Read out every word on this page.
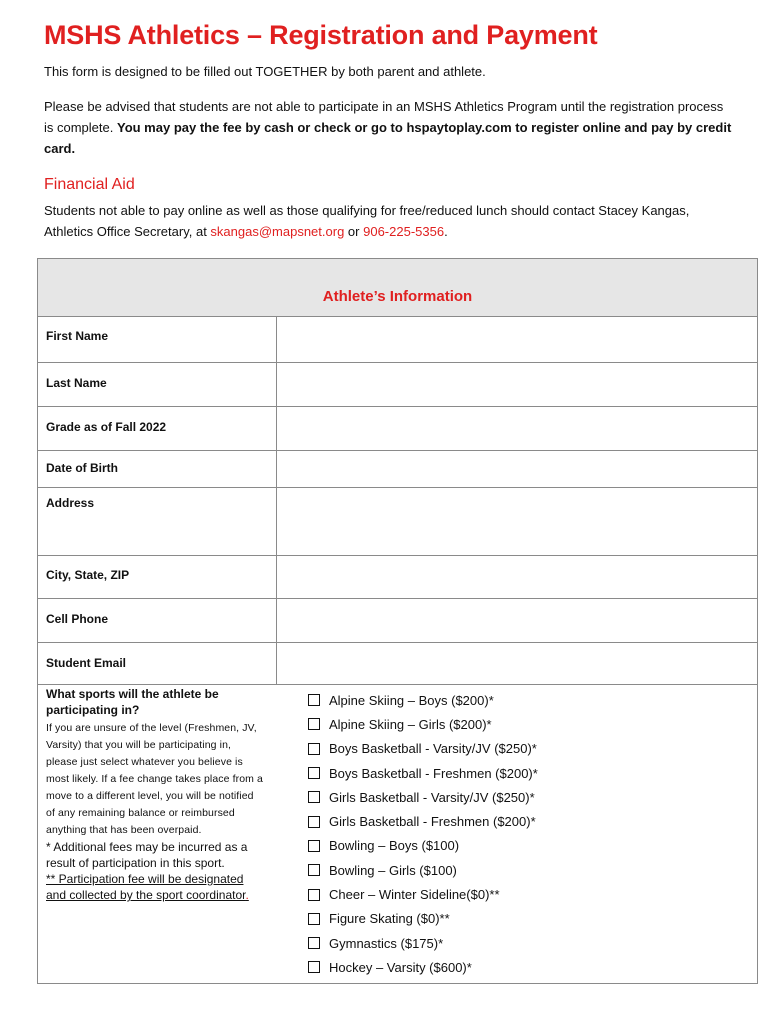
MSHS Athletics – Registration and Payment

This form is designed to be filled out TOGETHER by both parent and athlete.

Please be advised that students are not able to participate in an MSHS Athletics Program until the registration process is complete. You may pay the fee by cash or check or go to hspaytoplay.com to register online and pay by credit card.

Financial Aid

Students not able to pay online as well as those qualifying for free/reduced lunch should contact Stacey Kangas, Athletics Office Secretary, at skangas@mapsnet.org or 906-225-5356.

Athlete’s Information
First Name
Last Name
Grade as of Fall 2022
Date of Birth
Address
City, State, ZIP
Cell Phone
Student Email

What sports will the athlete be participating in?

If you are unsure of the level (Freshmen, JV, Varsity) that you will be participating in, please just select whatever you believe is most likely. If a fee change takes place from a move to a different level, you will be notified of any remaining balance or reimbursed anything that has been overpaid.

* Additional fees may be incurred as a result of participation in this sport.

** Participation fee will be designated and collected by the sport coordinator.

Alpine Skiing – Boys ($200)*
Alpine Skiing – Girls ($200)*
Boys Basketball - Varsity/JV ($250)*
Boys Basketball - Freshmen ($200)*
Girls Basketball - Varsity/JV ($250)*
Girls Basketball - Freshmen ($200)*
Bowling – Boys ($100)
Bowling – Girls ($100)
Cheer – Winter Sideline($0)**
Figure Skating ($0)**
Gymnastics ($175)*
Hockey – Varsity ($600)*
